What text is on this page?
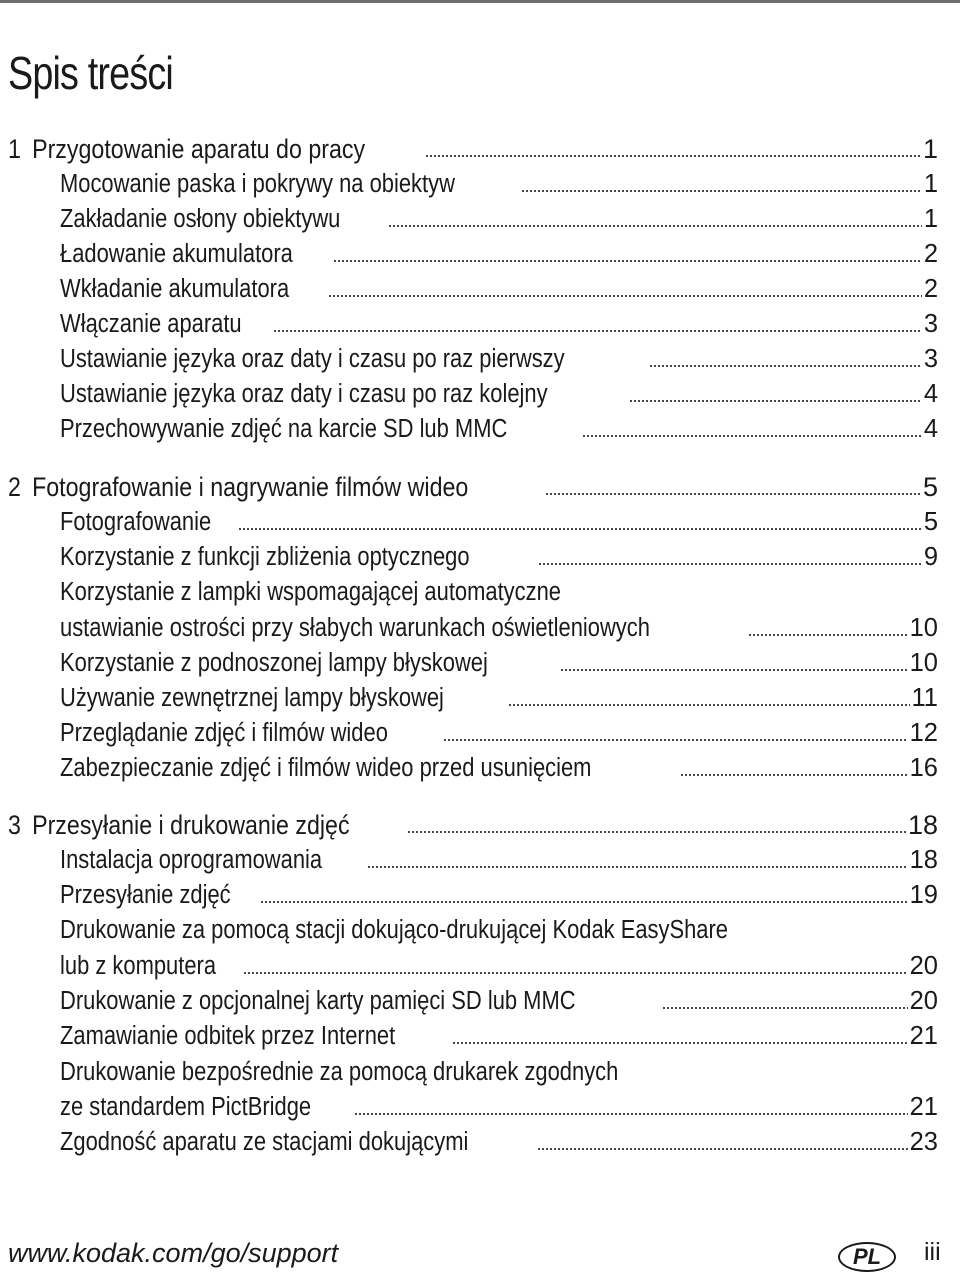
Spis treści
1 Przygotowanie aparatu do pracy	1
Mocowanie paska i pokrywy na obiektyw	1
Zakładanie osłony obiektywu	1
Ładowanie akumulatora	2
Wkładanie akumulatora	2
Włączanie aparatu	3
Ustawianie języka oraz daty i czasu po raz pierwszy	3
Ustawianie języka oraz daty i czasu po raz kolejny	4
Przechowywanie zdjęć na karcie SD lub MMC	4
2 Fotografowanie i nagrywanie filmów wideo	5
Fotografowanie	5
Korzystanie z funkcji zbliżenia optycznego	9
Korzystanie z lampki wspomagającej automatyczne
ustawianie ostrości przy słabych warunkach oświetleniowych	10
Korzystanie z podnoszonej lampy błyskowej	10
Używanie zewnętrznej lampy błyskowej	11
Przeglądanie zdjęć i filmów wideo	12
Zabezpieczanie zdjęć i filmów wideo przed usunięciem	16
3 Przesyłanie i drukowanie zdjęć	18
Instalacja oprogramowania	18
Przesyłanie zdjęć	19
Drukowanie za pomocą stacji dokująco-drukującej Kodak EasyShare
lub z komputera	20
Drukowanie z opcjonalnej karty pamięci SD lub MMC	20
Zamawianie odbitek przez Internet	21
Drukowanie bezpośrednie za pomocą drukarek zgodnych
ze standardem PictBridge	21
Zgodność aparatu ze stacjami dokującymi	23
www.kodak.com/go/support	PL	iii
